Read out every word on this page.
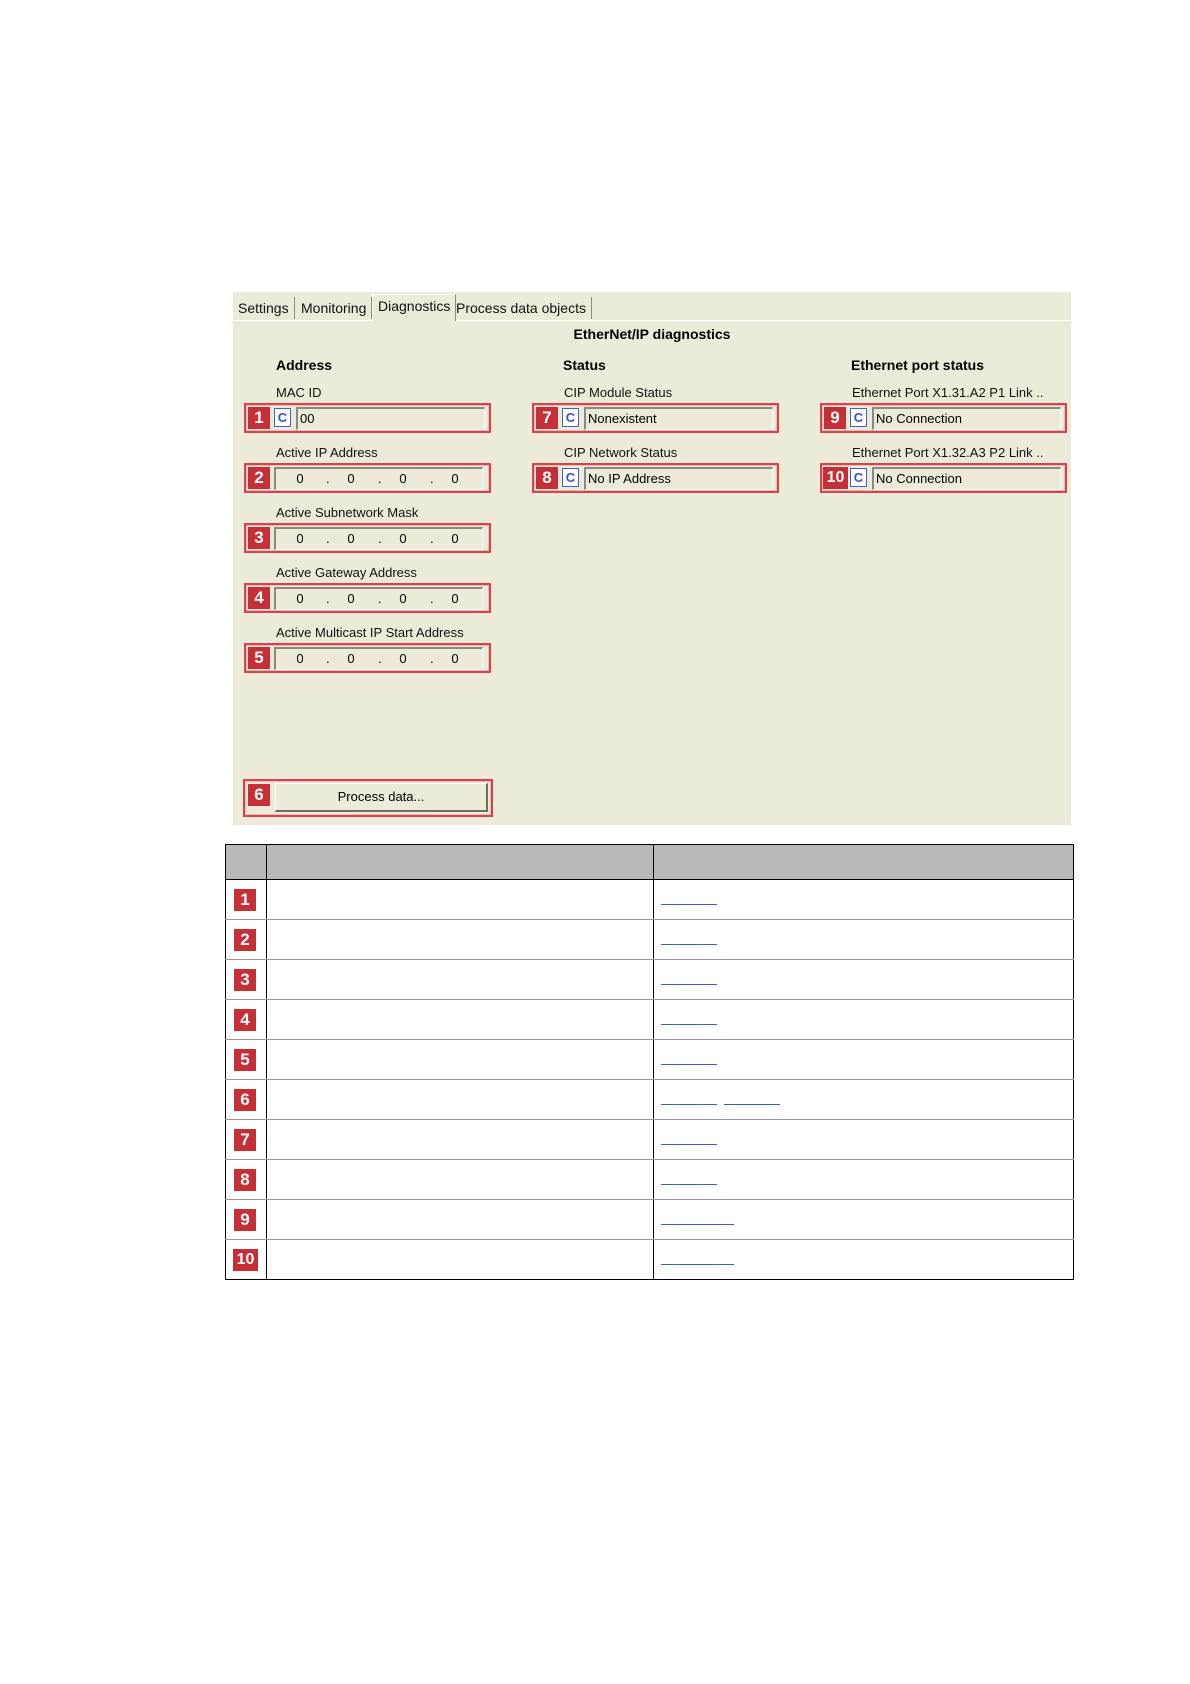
Settings Monitoring Diagnostics Process data objects
EtherNet/IP diagnostics
Address	Status	Ethernet port status
MAC ID
1	C 00
Active IP Address
2	0	.	0	.	0	.	0
Active Subnetwork Mask
3	0	.	0	.	0	.	0
Active Gateway Address
4	0	.	0	.	0	.	0
Active Multicast IP Start Address
5	0	.	0	.	0	.	0
6	Process data...
CIP Module Status
7	C Nonexistent
CIP Network Status
8	C No IP Address
Ethernet Port X1.31.A2 P1 Link ..
9	C No Connection
Ethernet Port X1.32.A3 P2 Link ..
10 C No Connection

1		
2		
3		
4		
5		
6		
7		
8		
9		
10		
